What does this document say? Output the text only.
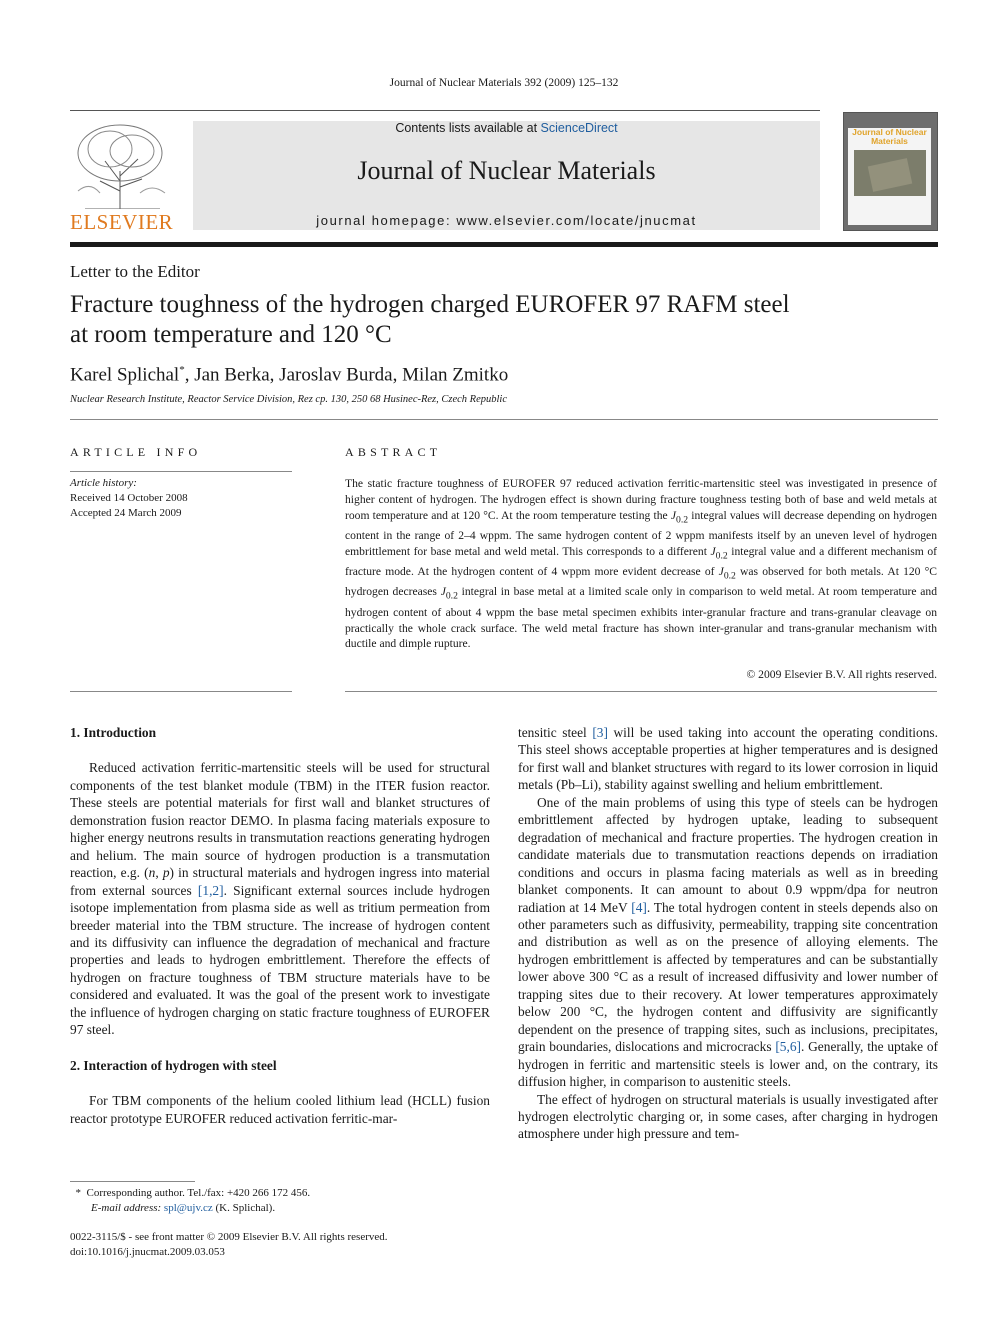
Journal of Nuclear Materials 392 (2009) 125–132
ELSEVIER
Contents lists available at ScienceDirect
Journal of Nuclear Materials
journal homepage: www.elsevier.com/locate/jnucmat
Journal of Nuclear Materials
Letter to the Editor
Fracture toughness of the hydrogen charged EUROFER 97 RAFM steel
at room temperature and 120 °C
Karel Splichal*, Jan Berka, Jaroslav Burda, Milan Zmitko
Nuclear Research Institute, Reactor Service Division, Rez cp. 130, 250 68 Husinec-Rez, Czech Republic
ARTICLE INFO
Article history:
Received 14 October 2008
Accepted 24 March 2009
ABSTRACT
The static fracture toughness of EUROFER 97 reduced activation ferritic-martensitic steel was investigated in presence of higher content of hydrogen. The hydrogen effect is shown during fracture toughness testing both of base and weld metals at room temperature and at 120 °C. At the room temperature testing the $J_{0.2}$ integral values will decrease depending on hydrogen content in the range of 2–4 wppm. The same hydrogen content of 2 wppm manifests itself by an uneven level of hydrogen embrittlement for base metal and weld metal. This corresponds to a different $J_{0.2}$ integral value and a different mechanism of fracture mode. At the hydrogen content of 4 wppm more evident decrease of $J_{0.2}$ was observed for both metals. At 120 °C hydrogen decreases $J_{0.2}$ integral in base metal at a limited scale only in comparison to weld metal. At room temperature and hydrogen content of about 4 wppm the base metal specimen exhibits inter-granular fracture and trans-granular cleavage on practically the whole crack surface. The weld metal fracture has shown inter-granular and trans-granular mechanism with ductile and dimple rupture.
© 2009 Elsevier B.V. All rights reserved.
1. Introduction

Reduced activation ferritic-martensitic steels will be used for structural components of the test blanket module (TBM) in the ITER fusion reactor. These steels are potential materials for first wall and blanket structures of demonstration fusion reactor DEMO. In plasma facing materials exposure to higher energy neutrons results in transmutation reactions generating hydrogen and helium. The main source of hydrogen production is a transmutation reaction, e.g. (n, p) in structural materials and hydrogen ingress into material from external sources [1,2]. Significant external sources include hydrogen isotope implementation from plasma side as well as tritium permeation from breeder material into the TBM structure. The increase of hydrogen content and its diffusivity can influence the degradation of mechanical and fracture properties and leads to hydrogen embrittlement. Therefore the effects of hydrogen on fracture toughness of TBM structure materials have to be considered and evaluated. It was the goal of the present work to investigate the influence of hydrogen charging on static fracture toughness of EUROFER 97 steel.

2. Interaction of hydrogen with steel

For TBM components of the helium cooled lithium lead (HCLL) fusion reactor prototype EUROFER reduced activation ferritic-mar-

tensitic steel [3] will be used taking into account the operating conditions. This steel shows acceptable properties at higher temperatures and is designed for first wall and blanket structures with regard to its lower corrosion in liquid metals (Pb–Li), stability against swelling and helium embrittlement.

One of the main problems of using this type of steels can be hydrogen embrittlement affected by hydrogen uptake, leading to subsequent degradation of mechanical and fracture properties. The hydrogen creation in candidate materials due to transmutation reactions depends on irradiation conditions and occurs in plasma facing materials as well as in breeding blanket components. It can amount to about 0.9 wppm/dpa for neutron radiation at 14 MeV [4]. The total hydrogen content in steels depends also on other parameters such as diffusivity, permeability, trapping site concentration and distribution as well as on the presence of alloying elements. The hydrogen embrittlement is affected by temperatures and can be substantially lower above 300 °C as a result of increased diffusivity and lower number of trapping sites due to their recovery. At lower temperatures approximately below 200 °C, the hydrogen content and diffusivity are significantly dependent on the presence of trapping sites, such as inclusions, precipitates, grain boundaries, dislocations and microcracks [5,6]. Generally, the uptake of hydrogen in ferritic and martensitic steels is lower and, on the contrary, its diffusion higher, in comparison to austenitic steels.

The effect of hydrogen on structural materials is usually investigated after hydrogen electrolytic charging or, in some cases, after charging in hydrogen atmosphere under high pressure and tem-

* Corresponding author. Tel./fax: +420 266 172 456.
E-mail address: spl@ujv.cz (K. Splichal).
0022-3115/$ - see front matter © 2009 Elsevier B.V. All rights reserved.
doi:10.1016/j.jnucmat.2009.03.053
